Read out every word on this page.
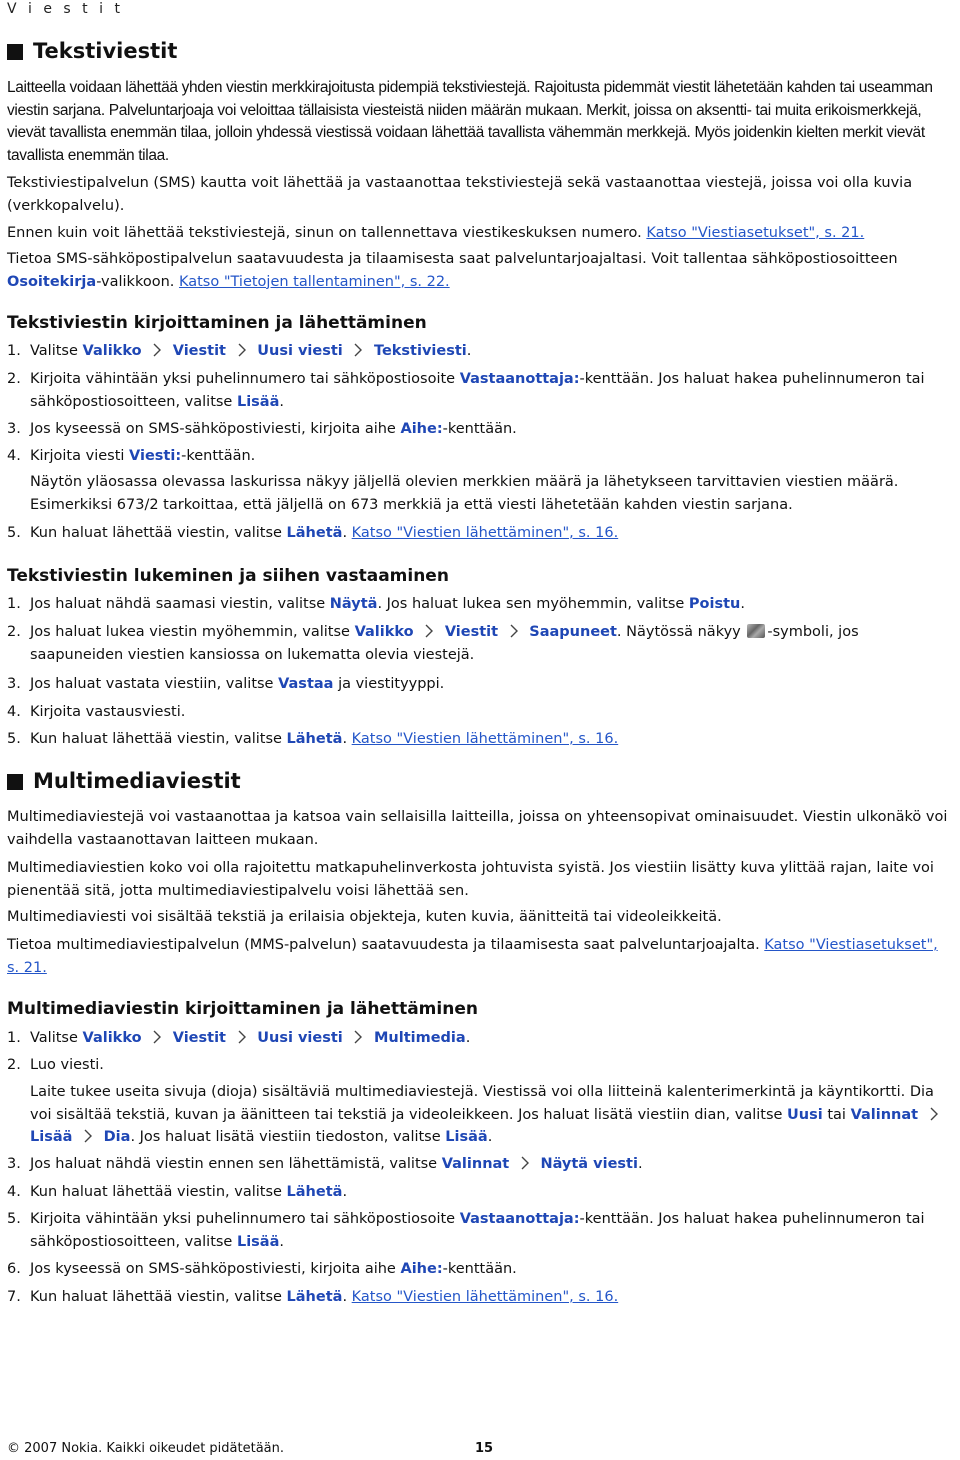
V i e s t i t
Tekstiviestit
Laitteella voidaan lähettää yhden viestin merkkirajoitusta pidempiä tekstiviestejä. Rajoitusta pidemmät viestit lähetetään kahden tai useamman viestin sarjana. Palveluntarjoaja voi veloittaa tällaisista viesteistä niiden määrän mukaan. Merkit, joissa on aksentti- tai muita erikoismerkkejä, vievät tavallista enemmän tilaa, jolloin yhdessä viestissä voidaan lähettää tavallista vähemmän merkkejä. Myös joidenkin kielten merkit vievät tavallista enemmän tilaa.
Tekstiviestipalvelun (SMS) kautta voit lähettää ja vastaanottaa tekstiviestejä sekä vastaanottaa viestejä, joissa voi olla kuvia (verkkopalvelu).
Ennen kuin voit lähettää tekstiviestejä, sinun on tallennettava viestikeskuksen numero. Katso "Viestiasetukset", s. 21.
Tietoa SMS-sähköpostipalvelun saatavuudesta ja tilaamisesta saat palveluntarjoajaltasi. Voit tallentaa sähköpostiosoitteen Osoitekirja-valikkoon. Katso "Tietojen tallentaminen", s. 22.
Tekstiviestin kirjoittaminen ja lähettäminen
1. Valitse Valikko Viestit Uusi viesti Tekstiviesti.
2. Kirjoita vähintään yksi puhelinnumero tai sähköpostiosoite Vastaanottaja:-kenttään. Jos haluat hakea puhelinnumeron tai sähköpostiosoitteen, valitse Lisää.
3. Jos kyseessä on SMS-sähköpostiviesti, kirjoita aihe Aihe:-kenttään.
4. Kirjoita viesti Viesti:-kenttään.
Näytön yläosassa olevassa laskurissa näkyy jäljellä olevien merkkien määrä ja lähetykseen tarvittavien viestien määrä. Esimerkiksi 673/2 tarkoittaa, että jäljellä on 673 merkkiä ja että viesti lähetetään kahden viestin sarjana.
5. Kun haluat lähettää viestin, valitse Lähetä. Katso "Viestien lähettäminen", s. 16.
Tekstiviestin lukeminen ja siihen vastaaminen
1. Jos haluat nähdä saamasi viestin, valitse Näytä. Jos haluat lukea sen myöhemmin, valitse Poistu.
2. Jos haluat lukea viestin myöhemmin, valitse Valikko Viestit Saapuneet. Näytössä näkyy -symboli, jos saapuneiden viestien kansiossa on lukematta olevia viestejä.
3. Jos haluat vastata viestiin, valitse Vastaa ja viestityyppi.
4. Kirjoita vastausviesti.
5. Kun haluat lähettää viestin, valitse Lähetä. Katso "Viestien lähettäminen", s. 16.
Multimediaviestit
Multimediaviestejä voi vastaanottaa ja katsoa vain sellaisilla laitteilla, joissa on yhteensopivat ominaisuudet. Viestin ulkonäkö voi vaihdella vastaanottavan laitteen mukaan.
Multimediaviestien koko voi olla rajoitettu matkapuhelinverkosta johtuvista syistä. Jos viestiin lisätty kuva ylittää rajan, laite voi pienentää sitä, jotta multimediaviestipalvelu voisi lähettää sen.
Multimediaviesti voi sisältää tekstiä ja erilaisia objekteja, kuten kuvia, äänitteitä tai videoleikkeitä.
Tietoa multimediaviestipalvelun (MMS-palvelun) saatavuudesta ja tilaamisesta saat palveluntarjoajalta. Katso "Viestiasetukset", s. 21.
Multimediaviestin kirjoittaminen ja lähettäminen
1. Valitse Valikko Viestit Uusi viesti Multimedia.
2. Luo viesti.
Laite tukee useita sivuja (dioja) sisältäviä multimediaviestejä. Viestissä voi olla liitteinä kalenterimerkintä ja käyntikortti. Dia voi sisältää tekstiä, kuvan ja äänitteen tai tekstiä ja videoleikkeen. Jos haluat lisätä viestiin dian, valitse Uusi tai Valinnat  Lisää Dia. Jos haluat lisätä viestiin tiedoston, valitse Lisää.
3. Jos haluat nähdä viestin ennen sen lähettämistä, valitse Valinnat Näytä viesti.
4. Kun haluat lähettää viestin, valitse Lähetä.
5. Kirjoita vähintään yksi puhelinnumero tai sähköpostiosoite Vastaanottaja:-kenttään. Jos haluat hakea puhelinnumeron tai sähköpostiosoitteen, valitse Lisää.
6. Jos kyseessä on SMS-sähköpostiviesti, kirjoita aihe Aihe:-kenttään.
7. Kun haluat lähettää viestin, valitse Lähetä. Katso "Viestien lähettäminen", s. 16.
© 2007 Nokia. Kaikki oikeudet pidätetään.	15
